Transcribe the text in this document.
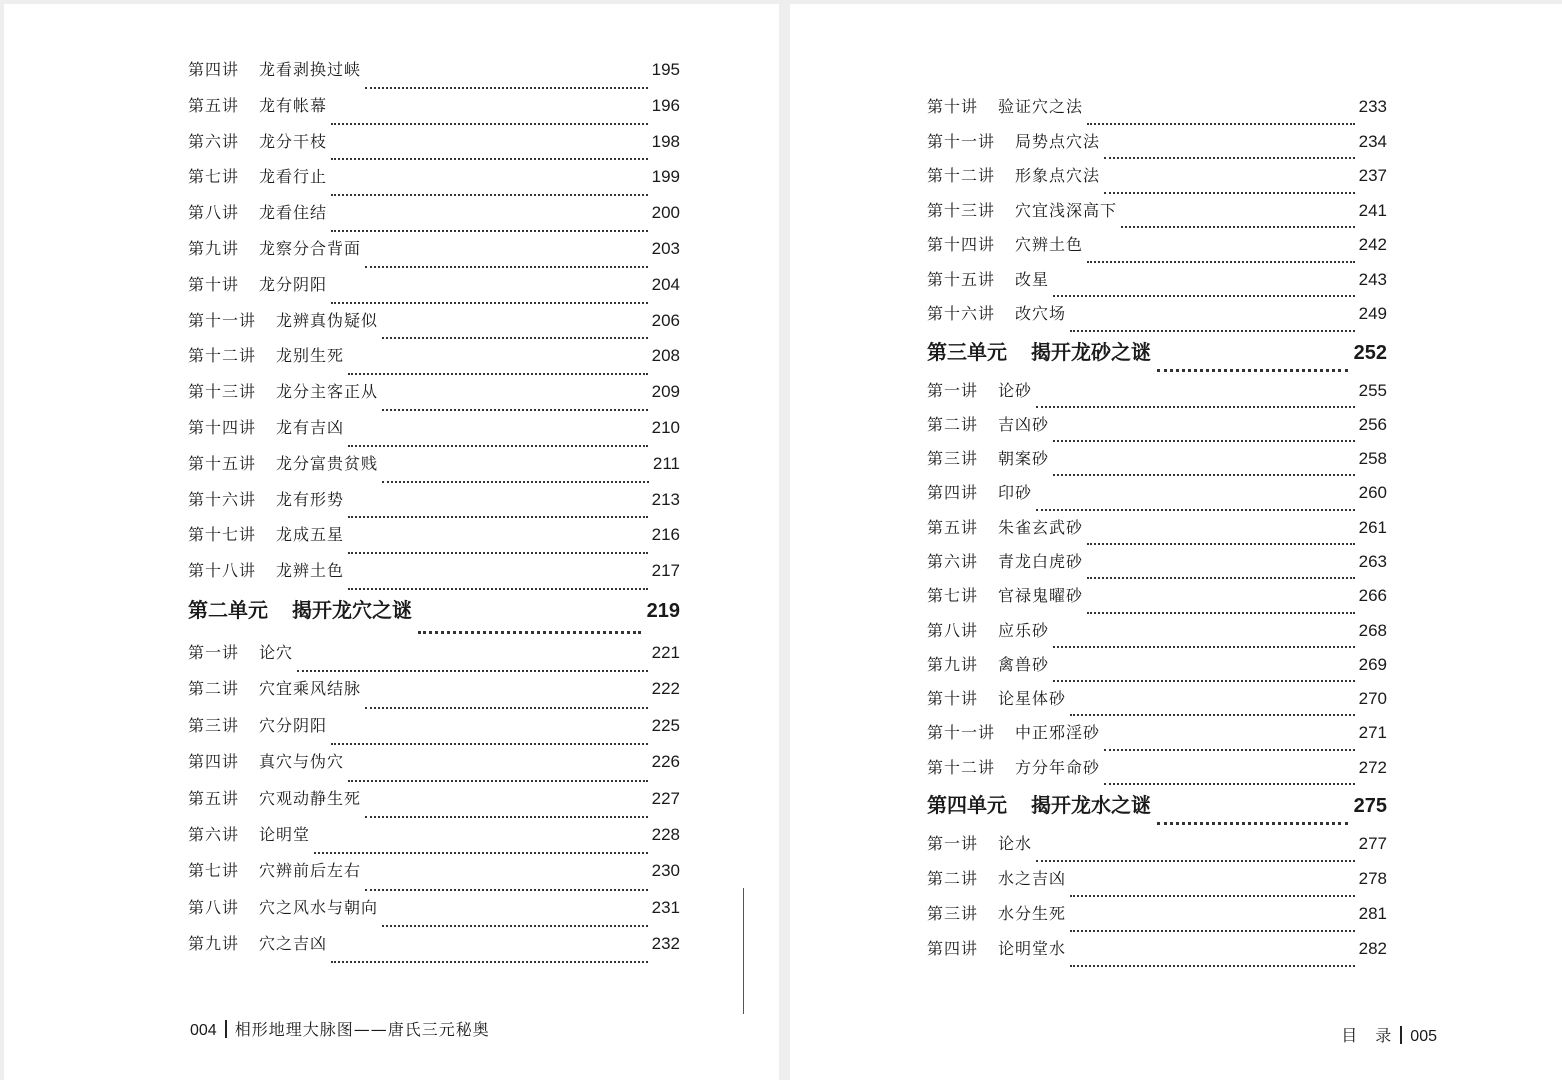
第四讲 龙看剥换过峡	195
第五讲 龙有帐幕	196
第六讲 龙分干枝	198
第七讲 龙看行止	199
第八讲 龙看住结	200
第九讲 龙察分合背面	203
第十讲 龙分阴阳	204
第十一讲 龙辨真伪疑似	206
第十二讲 龙别生死	208
第十三讲 龙分主客正从	209
第十四讲 龙有吉凶	210
第十五讲 龙分富贵贫贱	211
第十六讲 龙有形势	213
第十七讲 龙成五星	216
第十八讲 龙辨土色	217
第二单元 揭开龙穴之谜	219
第一讲 论穴	221
第二讲 穴宜乘风结脉	222
第三讲 穴分阴阳	225
第四讲 真穴与伪穴	226
第五讲 穴观动静生死	227
第六讲 论明堂	228
第七讲 穴辨前后左右	230
第八讲 穴之风水与朝向	231
第九讲 穴之吉凶	232
004 相形地理大脉图——唐氏三元秘奥
第十讲 验证穴之法	233
第十一讲 局势点穴法	234
第十二讲 形象点穴法	237
第十三讲 穴宜浅深高下	241
第十四讲 穴辨土色	242
第十五讲 改星	243
第十六讲 改穴场	249
第三单元 揭开龙砂之谜	252
第一讲 论砂	255
第二讲 吉凶砂	256
第三讲 朝案砂	258
第四讲 印砂	260
第五讲 朱雀玄武砂	261
第六讲 青龙白虎砂	263
第七讲 官禄鬼曜砂	266
第八讲 应乐砂	268
第九讲 禽兽砂	269
第十讲 论星体砂	270
第十一讲 中正邪淫砂	271
第十二讲 方分年命砂	272
第四单元 揭开龙水之谜	275
第一讲 论水	277
第二讲 水之吉凶	278
第三讲 水分生死	281
第四讲 论明堂水	282
目　录 005
